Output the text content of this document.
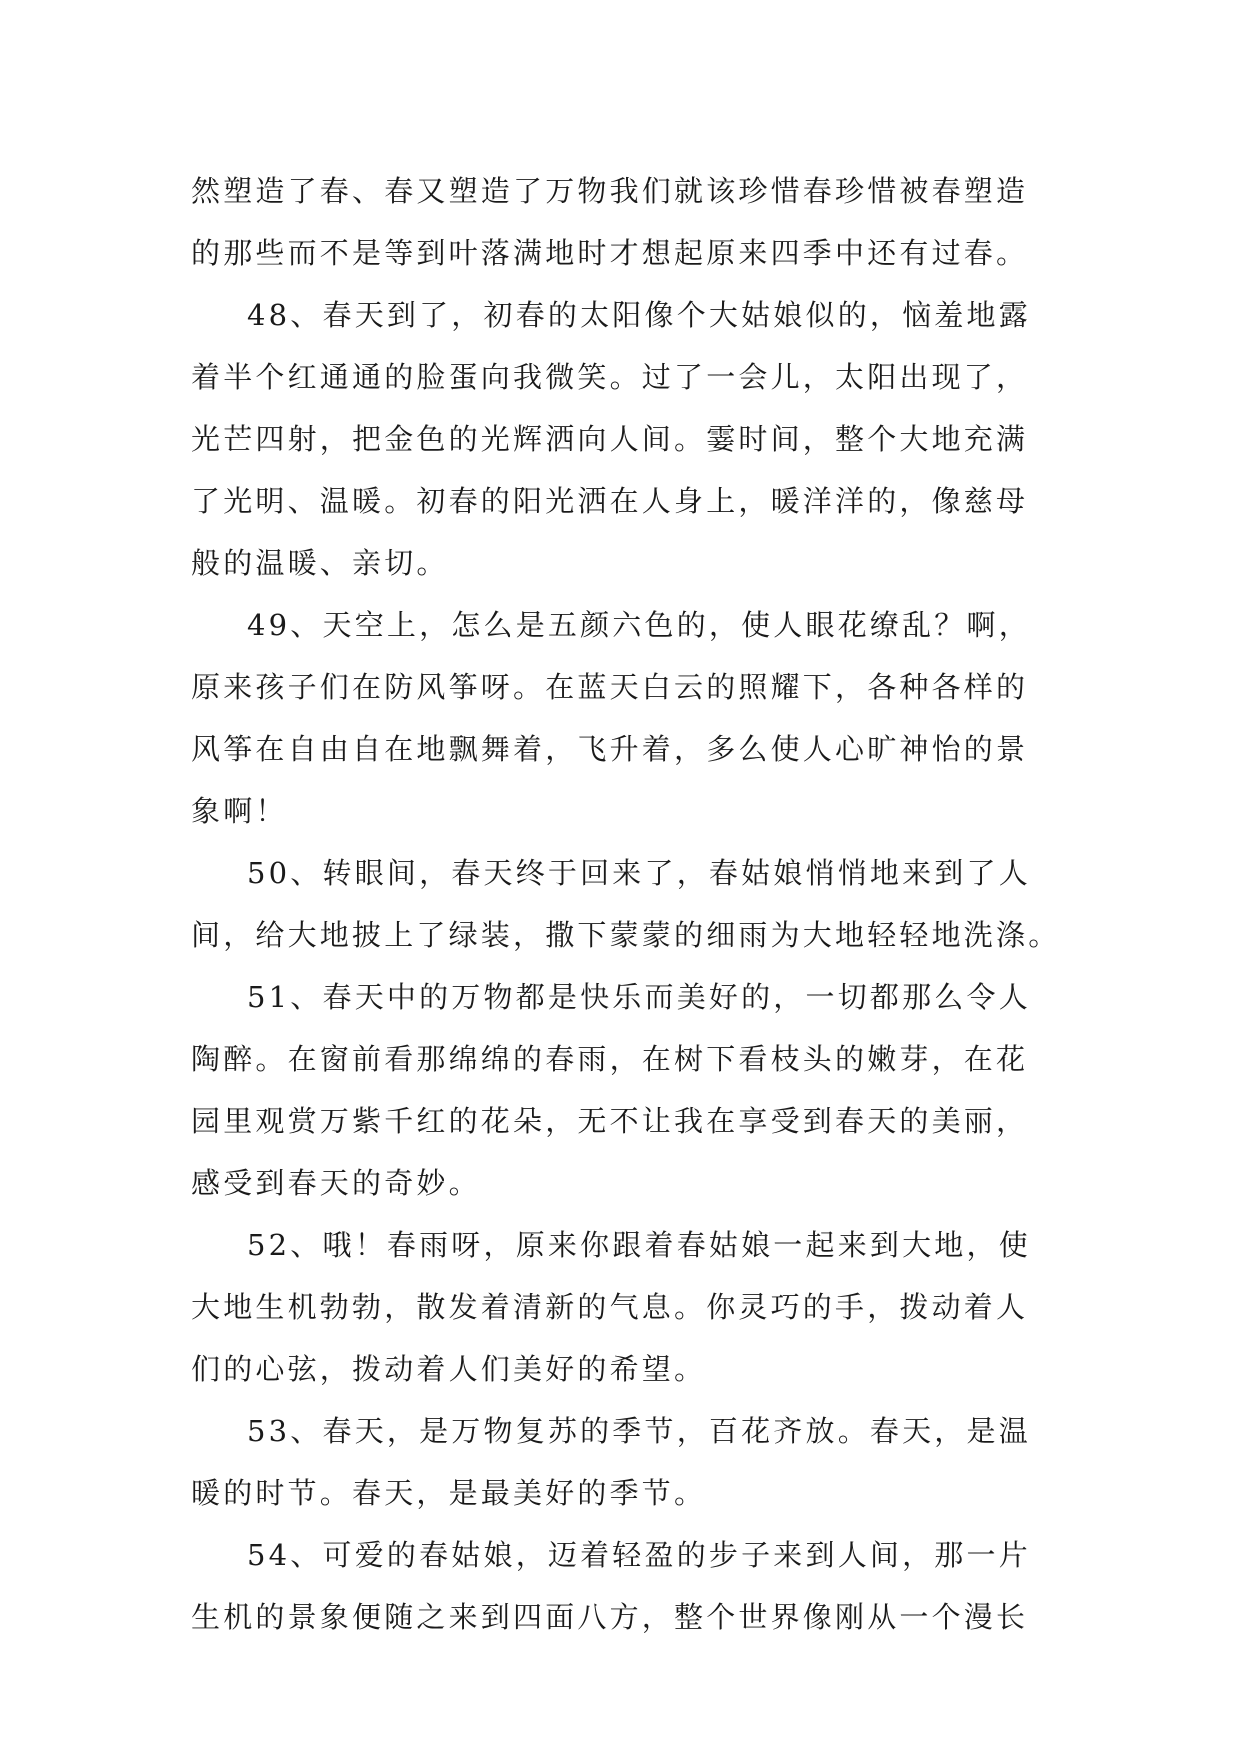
然塑造了春、春又塑造了万物我们就该珍惜春珍惜被春塑造
的那些而不是等到叶落满地时才想起原来四季中还有过春。
48、春天到了，初春的太阳像个大姑娘似的，恼羞地露
着半个红通通的脸蛋向我微笑。过了一会儿，太阳出现了，
光芒四射，把金色的光辉洒向人间。霎时间，整个大地充满
了光明、温暖。初春的阳光洒在人身上，暖洋洋的，像慈母
般的温暖、亲切。
49、天空上，怎么是五颜六色的，使人眼花缭乱？啊，
原来孩子们在防风筝呀。在蓝天白云的照耀下，各种各样的
风筝在自由自在地飘舞着，飞升着，多么使人心旷神怡的景
象啊！
50、转眼间，春天终于回来了，春姑娘悄悄地来到了人
间，给大地披上了绿装，撒下蒙蒙的细雨为大地轻轻地洗涤。
51、春天中的万物都是快乐而美好的，一切都那么令人
陶醉。在窗前看那绵绵的春雨，在树下看枝头的嫩芽，在花
园里观赏万紫千红的花朵，无不让我在享受到春天的美丽，
感受到春天的奇妙。
52、哦！春雨呀，原来你跟着春姑娘一起来到大地，使
大地生机勃勃，散发着清新的气息。你灵巧的手，拨动着人
们的心弦，拨动着人们美好的希望。
53、春天，是万物复苏的季节，百花齐放。春天，是温
暖的时节。春天，是最美好的季节。
54、可爱的春姑娘，迈着轻盈的步子来到人间，那一片
生机的景象便随之来到四面八方，整个世界像刚从一个漫长
